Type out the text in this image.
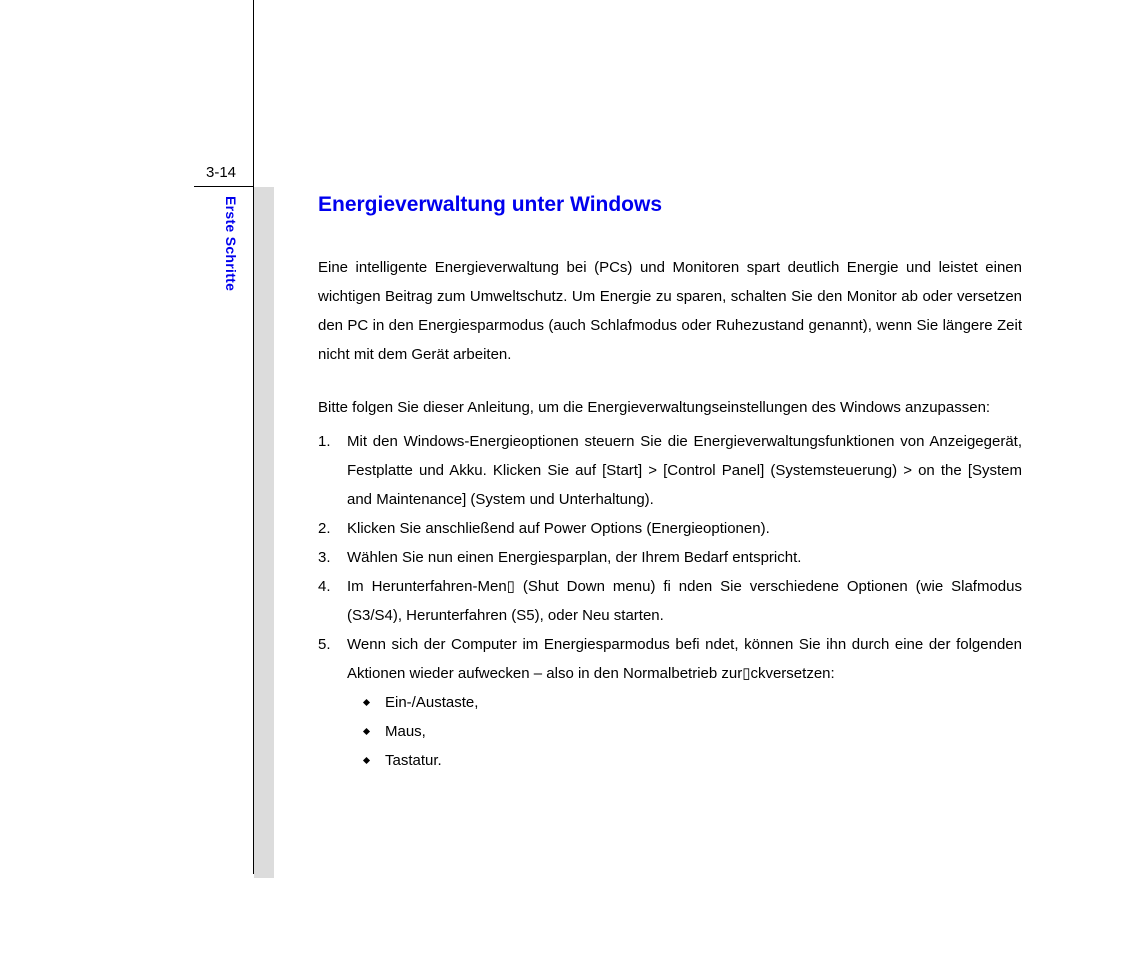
3-14
Erste Schritte	Energieverwaltung unter Windows

Eine intelligente Energieverwaltung bei (PCs) und Monitoren spart deutlich Energie und leistet einen wichtigen Beitrag zum Umweltschutz. Um Energie zu sparen, schalten Sie den Monitor ab oder versetzen den PC in den Energiesparmodus (auch Schlafmodus oder Ruhezustand genannt), wenn Sie längere Zeit nicht mit dem Gerät arbeiten.

Bitte folgen Sie dieser Anleitung, um die Energieverwaltungseinstellungen des Windows anzupassen:

1. Mit den Windows-Energieoptionen steuern Sie die Energieverwaltungsfunktionen von Anzeigegerät, Festplatte und Akku. Klicken Sie auf [Start] > [Control Panel] (Systemsteuerung) > on the [System and Maintenance] (System und Unterhaltung).
2. Klicken Sie anschließend auf Power Options (Energieoptionen).
3. Wählen Sie nun einen Energiesparplan, der Ihrem Bedarf entspricht.
4. Im Herunterfahren-Men▯ (Shut Down menu) fi nden Sie verschiedene Optionen (wie Slafmodus (S3/S4), Herunterfahren (S5), oder Neu starten.
5. Wenn sich der Computer im Energiesparmodus befi ndet, können Sie ihn durch eine der folgenden Aktionen wieder aufwecken – also in den Normalbetrieb zur▯ckversetzen:
Ein-/Austaste,
Maus,
Tastatur.
